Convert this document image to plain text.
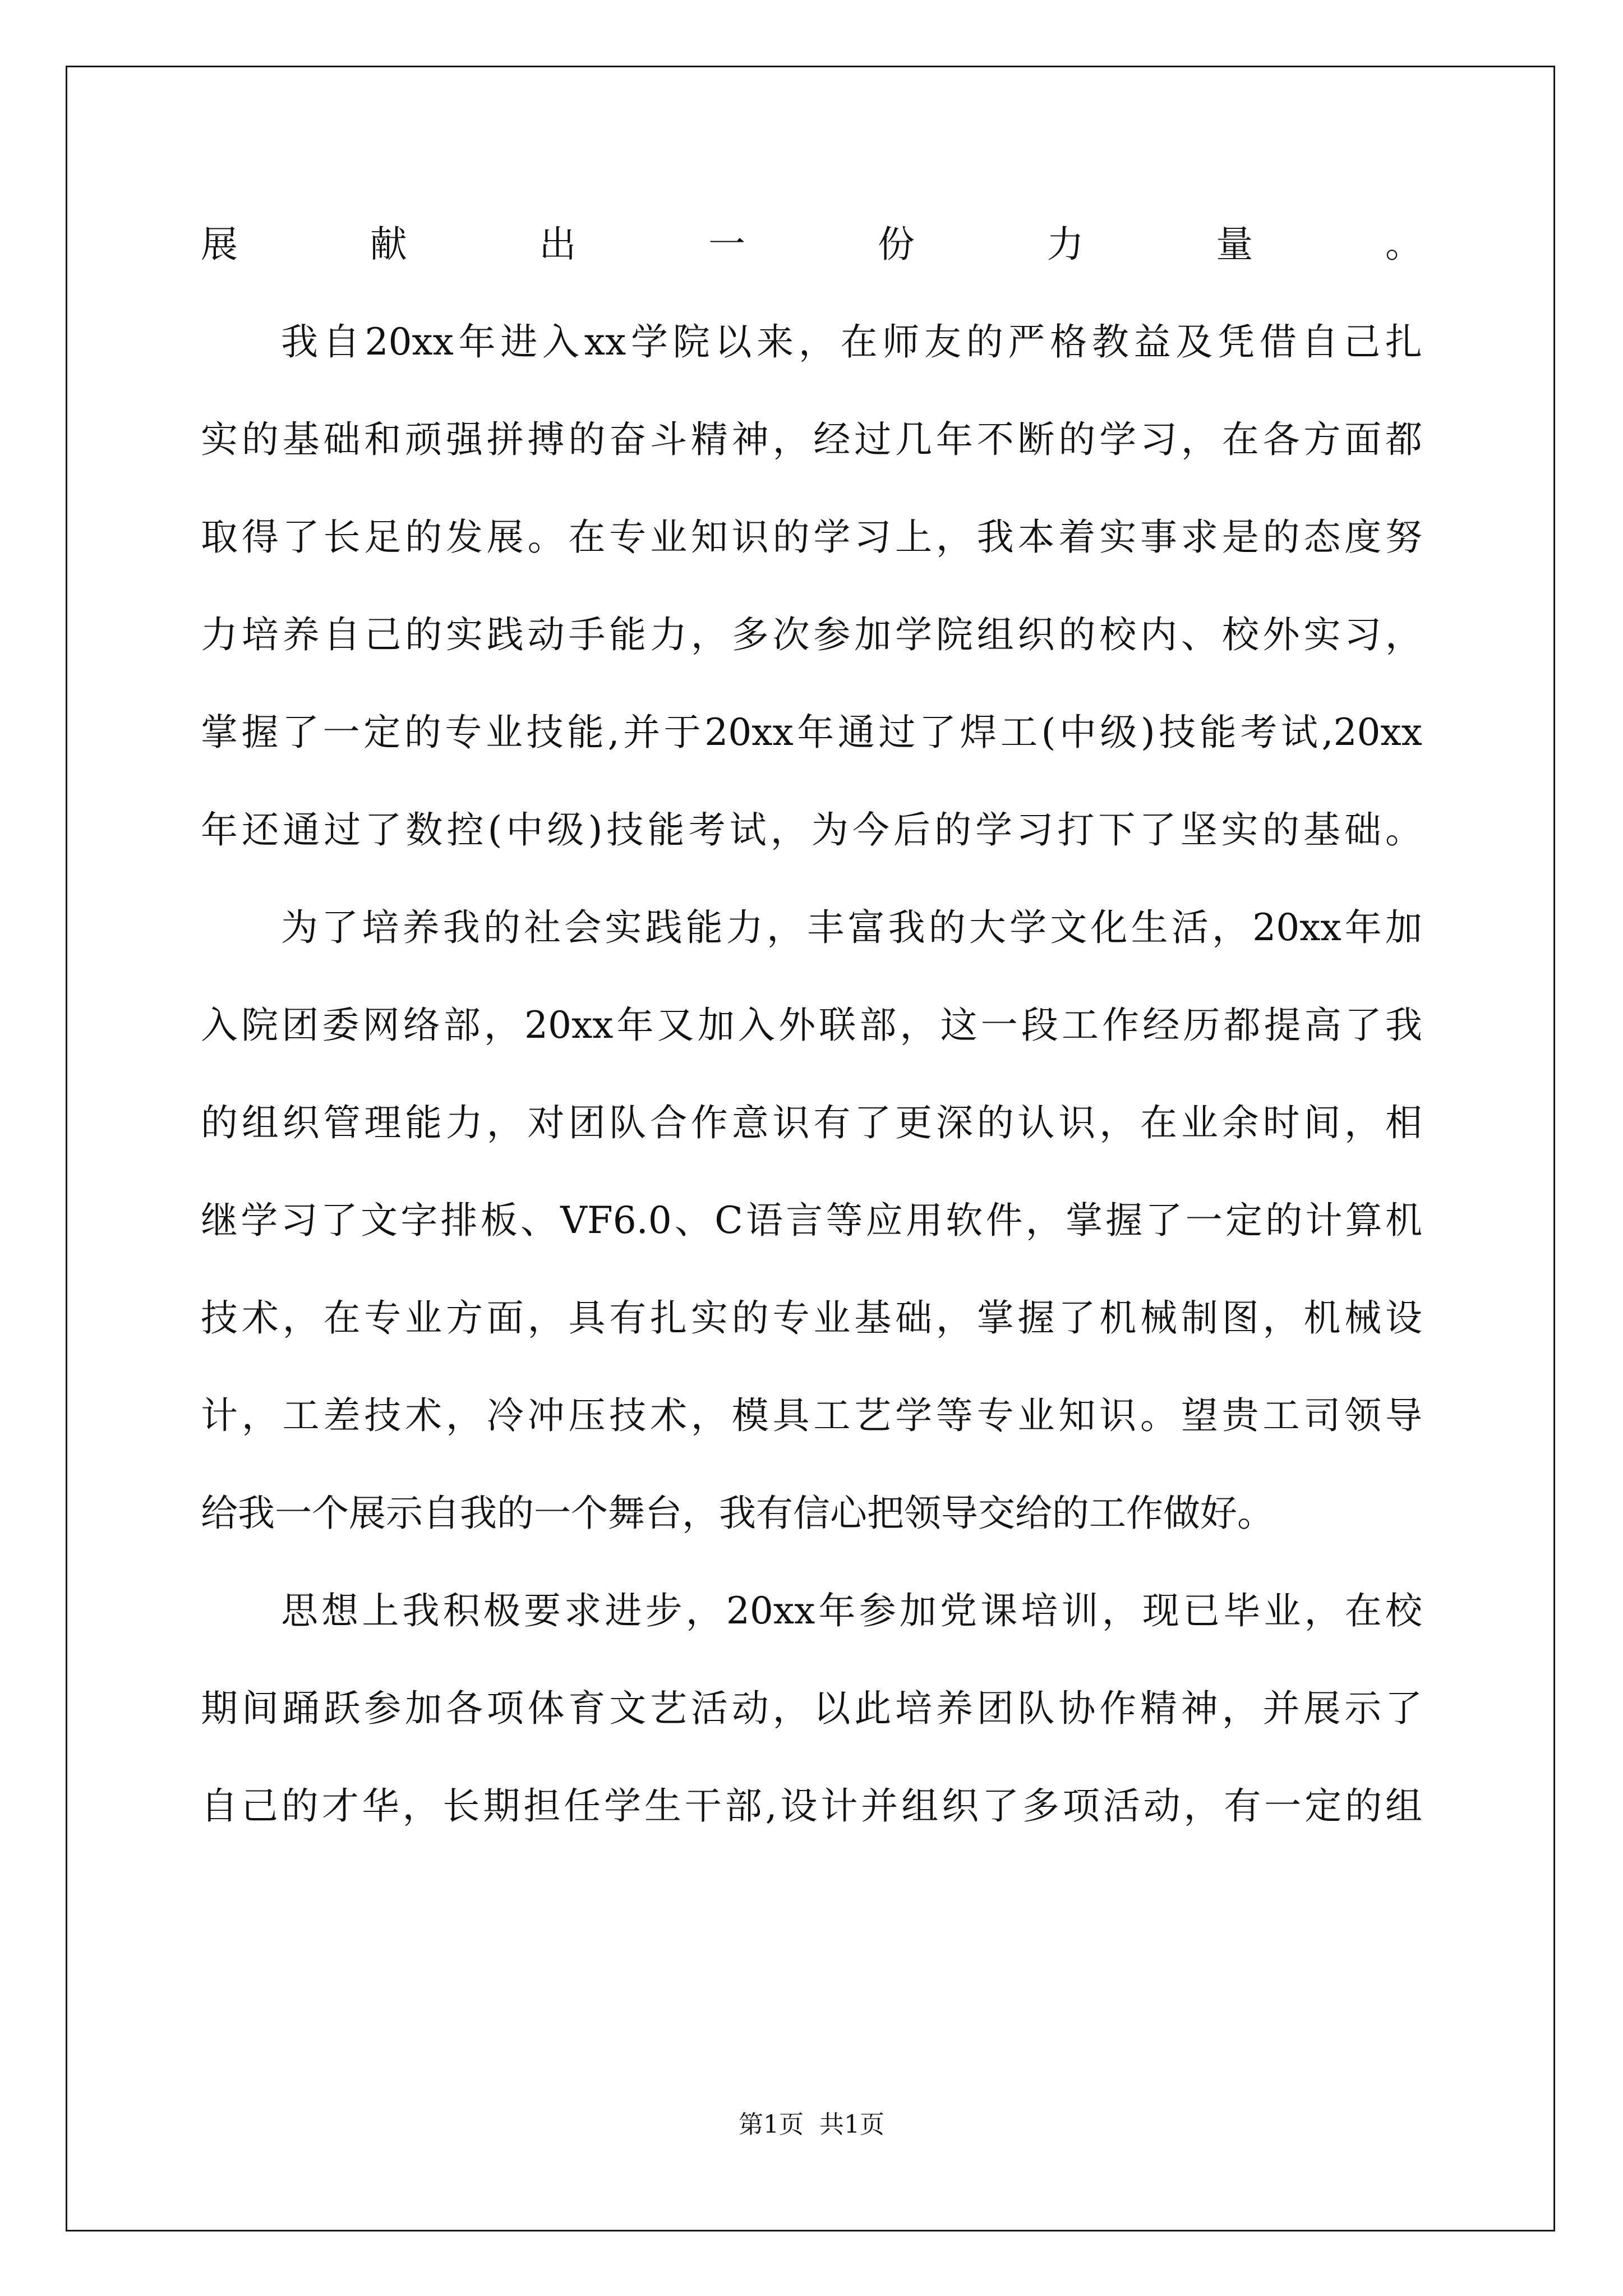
展献出一份力量。
我自20xx年进入xx学院以来，在师友的严格教益及凭借自己扎
实的基础和顽强拼搏的奋斗精神，经过几年不断的学习，在各方面都
取得了长足的发展。在专业知识的学习上，我本着实事求是的态度努
力培养自己的实践动手能力，多次参加学院组织的校内、校外实习，
掌握了一定的专业技能,并于20xx年通过了焊工(中级)技能考试,20xx
年还通过了数控(中级)技能考试，为今后的学习打下了坚实的基础。
为了培养我的社会实践能力，丰富我的大学文化生活，20xx年加
入院团委网络部，20xx年又加入外联部，这一段工作经历都提高了我
的组织管理能力，对团队合作意识有了更深的认识，在业余时间，相
继学习了文字排板、VF6.0、C语言等应用软件，掌握了一定的计算机
技术，在专业方面，具有扎实的专业基础，掌握了机械制图，机械设
计，工差技术，冷冲压技术，模具工艺学等专业知识。望贵工司领导
给我一个展示自我的一个舞台，我有信心把领导交给的工作做好。
思想上我积极要求进步，20xx年参加党课培训，现已毕业，在校
期间踊跃参加各项体育文艺活动，以此培养团队协作精神，并展示了
自己的才华，长期担任学生干部,设计并组织了多项活动，有一定的组
第1页  共1页
